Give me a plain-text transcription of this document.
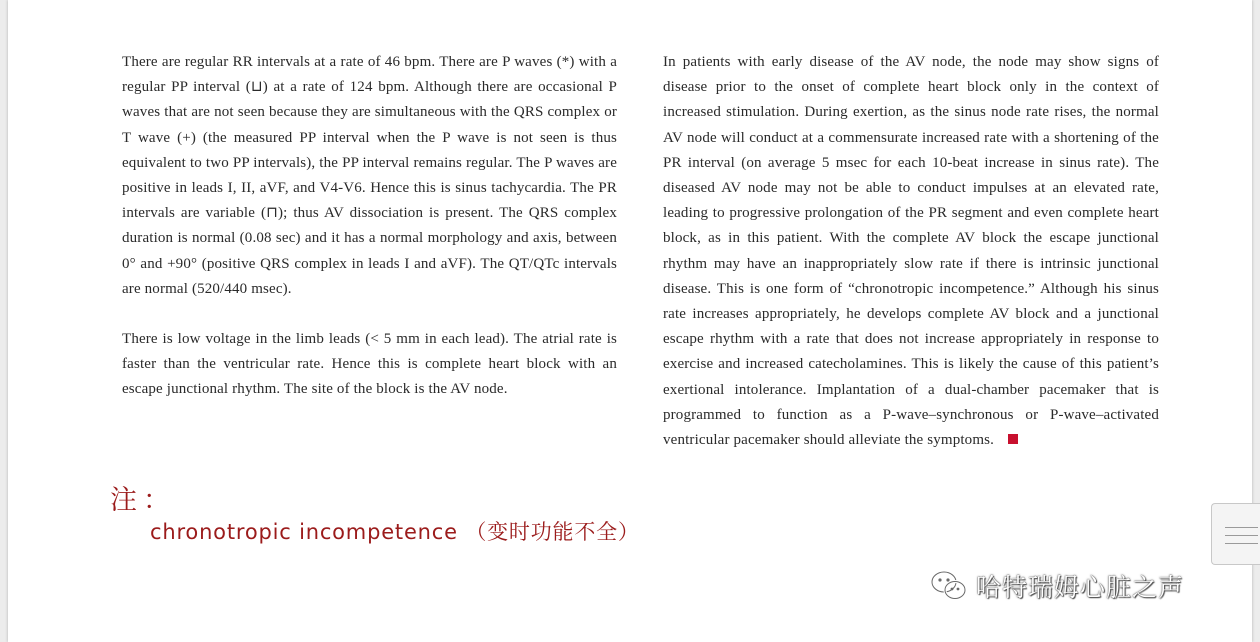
There are regular RR intervals at a rate of 46 bpm. There are P waves (*) with a regular PP interval (⊔) at a rate of 124 bpm. Although there are occasional P waves that are not seen because they are simultaneous with the QRS complex or T wave (+) (the measured PP interval when the P wave is not seen is thus equivalent to two PP intervals), the PP interval remains regular. The P waves are positive in leads I, II, aVF, and V4-V6. Hence this is sinus tachycardia. The PR intervals are variable (⊓); thus AV dissociation is present. The QRS complex duration is normal (0.08 sec) and it has a normal morphology and axis, between 0° and +90° (positive QRS complex in leads I and aVF). The QT/QTc intervals are normal (520/440 msec).

There is low voltage in the limb leads (< 5 mm in each lead). The atrial rate is faster than the ventricular rate. Hence this is complete heart block with an escape junctional rhythm. The site of the block is the AV node.

In patients with early disease of the AV node, the node may show signs of disease prior to the onset of complete heart block only in the context of increased stimulation. During exertion, as the sinus node rate rises, the normal AV node will conduct at a commensurate increased rate with a shortening of the PR interval (on average 5 msec for each 10-beat increase in sinus rate). The diseased AV node may not be able to conduct impulses at an elevated rate, leading to progressive prolongation of the PR segment and even complete heart block, as in this patient. With the complete AV block the escape junctional rhythm may have an inappropriately slow rate if there is intrinsic junctional disease. This is one form of “chronotropic incompetence.” Although his sinus rate increases appropriately, he develops complete AV block and a junctional escape rhythm with a rate that does not increase appropriately in response to exercise and increased catecholamines. This is likely the cause of this patient’s exertional intolerance. Implantation of a dual-chamber pacemaker that is programmed to function as a P-wave–synchronous or P-wave–activated ventricular pacemaker should alleviate the symptoms.

注：
chronotropic incompetence （变时功能不全）
哈特瑞姆心脏之声
